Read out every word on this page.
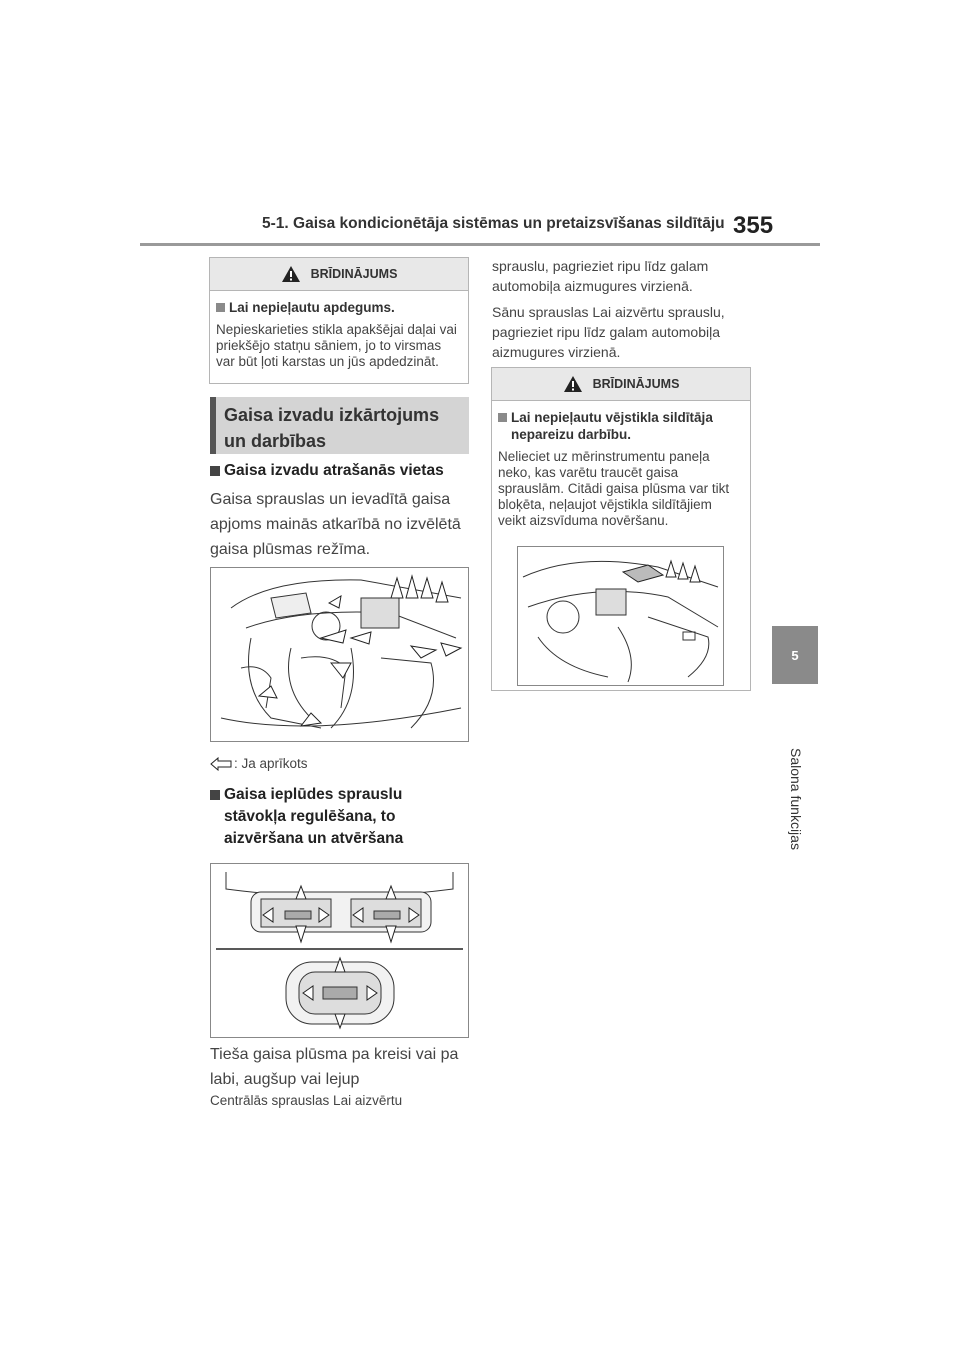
5-1. Gaisa kondicionētāja sistēmas un pretaizsvīšanas sildītāju 355
5
Salona funkcijas
BRĪDINĀJUMS
Lai nepieļautu apdegums.
Nepieskarieties stikla apakšējai daļai vai priekšējo statņu sāniem, jo to virsmas var būt ļoti karstas un jūs apdedzināt.
Gaisa izvadu izkārtojums un darbības
Gaisa izvadu atrašanās vietas
Gaisa sprauslas un ievadītā gaisa apjoms mainās atkarībā no izvēlētā gaisa plūsmas režīma.
: Ja aprīkots
Gaisa ieplūdes sprauslu stāvokļa regulēšana, to aizvēršana un atvēršana
Tieša gaisa plūsma pa kreisi vai pa labi, augšup vai lejup
Centrālās sprauslas Lai aizvērtu
sprauslu, pagrieziet ripu līdz galam automobiļa aizmugures virzienā.
Sānu sprauslas Lai aizvērtu sprauslu, pagrieziet ripu līdz galam automobiļa aizmugures virzienā.
BRĪDINĀJUMS
Lai nepieļautu vējstikla sildītāja nepareizu darbību.
Nelieciet uz mērinstrumentu paneļa neko, kas varētu traucēt gaisa sprauslām. Citādi gaisa plūsma var tikt bloķēta, neļaujot vējstikla sildītājiem veikt aizsvīduma novēršanu.
